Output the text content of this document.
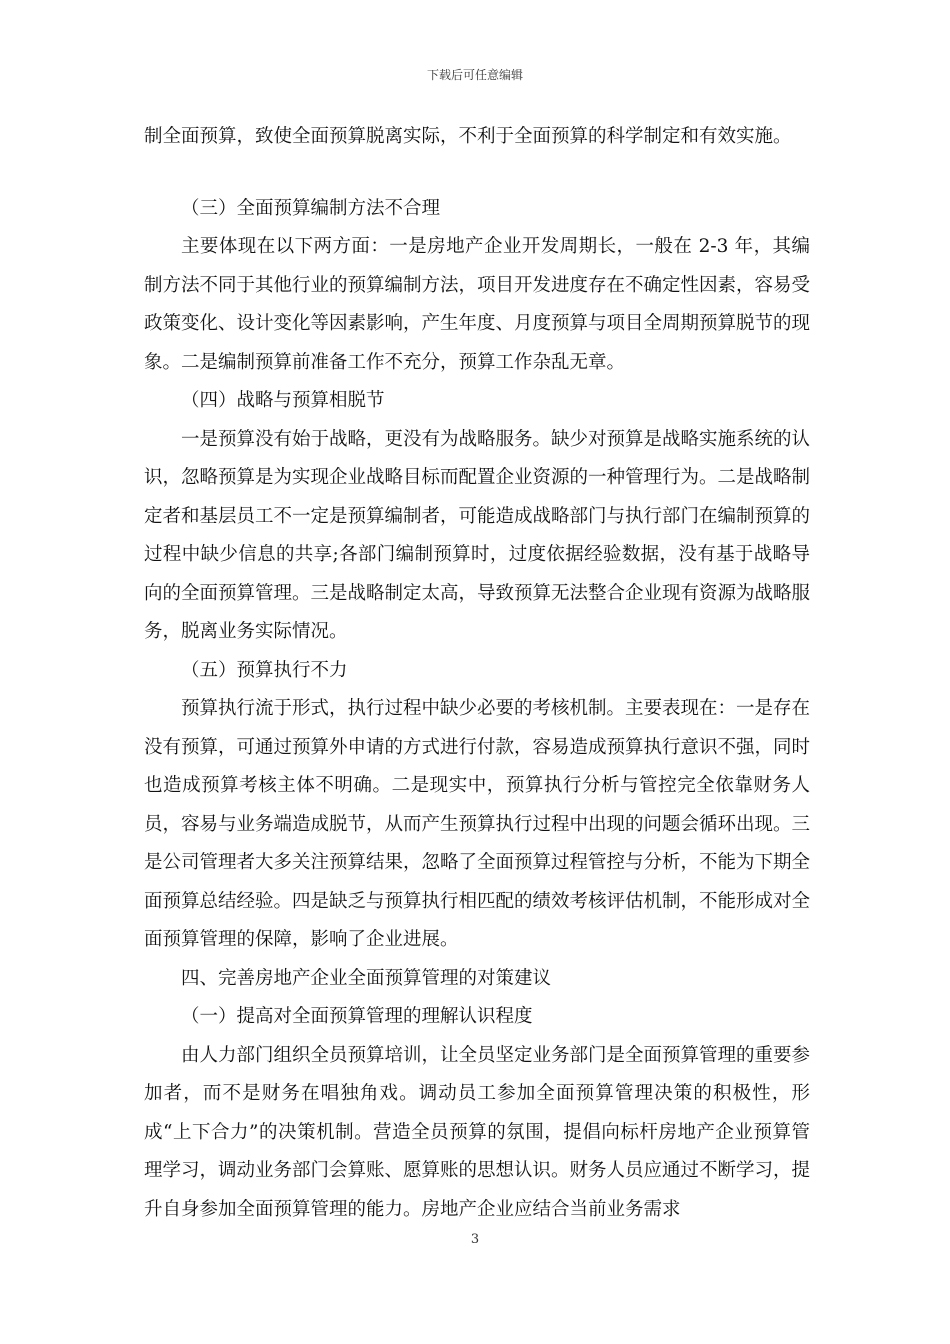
下载后可任意编辑

制全面预算，致使全面预算脱离实际，不利于全面预算的科学制定和有效实施。

（三）全面预算编制方法不合理

主要体现在以下两方面：一是房地产企业开发周期长，一般在 2-3 年，其编制方法不同于其他行业的预算编制方法，项目开发进度存在不确定性因素，容易受政策变化、设计变化等因素影响，产生年度、月度预算与项目全周期预算脱节的现象。二是编制预算前准备工作不充分，预算工作杂乱无章。

（四）战略与预算相脱节

一是预算没有始于战略，更没有为战略服务。缺少对预算是战略实施系统的认识，忽略预算是为实现企业战略目标而配置企业资源的一种管理行为。二是战略制定者和基层员工不一定是预算编制者，可能造成战略部门与执行部门在编制预算的过程中缺少信息的共享;各部门编制预算时，过度依据经验数据，没有基于战略导向的全面预算管理。三是战略制定太高，导致预算无法整合企业现有资源为战略服务，脱离业务实际情况。

（五）预算执行不力

预算执行流于形式，执行过程中缺少必要的考核机制。主要表现在：一是存在没有预算，可通过预算外申请的方式进行付款，容易造成预算执行意识不强，同时也造成预算考核主体不明确。二是现实中，预算执行分析与管控完全依靠财务人员，容易与业务端造成脱节，从而产生预算执行过程中出现的问题会循环出现。三是公司管理者大多关注预算结果，忽略了全面预算过程管控与分析，不能为下期全面预算总结经验。四是缺乏与预算执行相匹配的绩效考核评估机制，不能形成对全面预算管理的保障，影响了企业进展。

四、完善房地产企业全面预算管理的对策建议

（一）提高对全面预算管理的理解认识程度

由人力部门组织全员预算培训，让全员坚定业务部门是全面预算管理的重要参加者，而不是财务在唱独角戏。调动员工参加全面预算管理决策的积极性，形成“上下合力”的决策机制。营造全员预算的氛围，提倡向标杆房地产企业预算管理学习，调动业务部门会算账、愿算账的思想认识。财务人员应通过不断学习，提升自身参加全面预算管理的能力。房地产企业应结合当前业务需求

3
